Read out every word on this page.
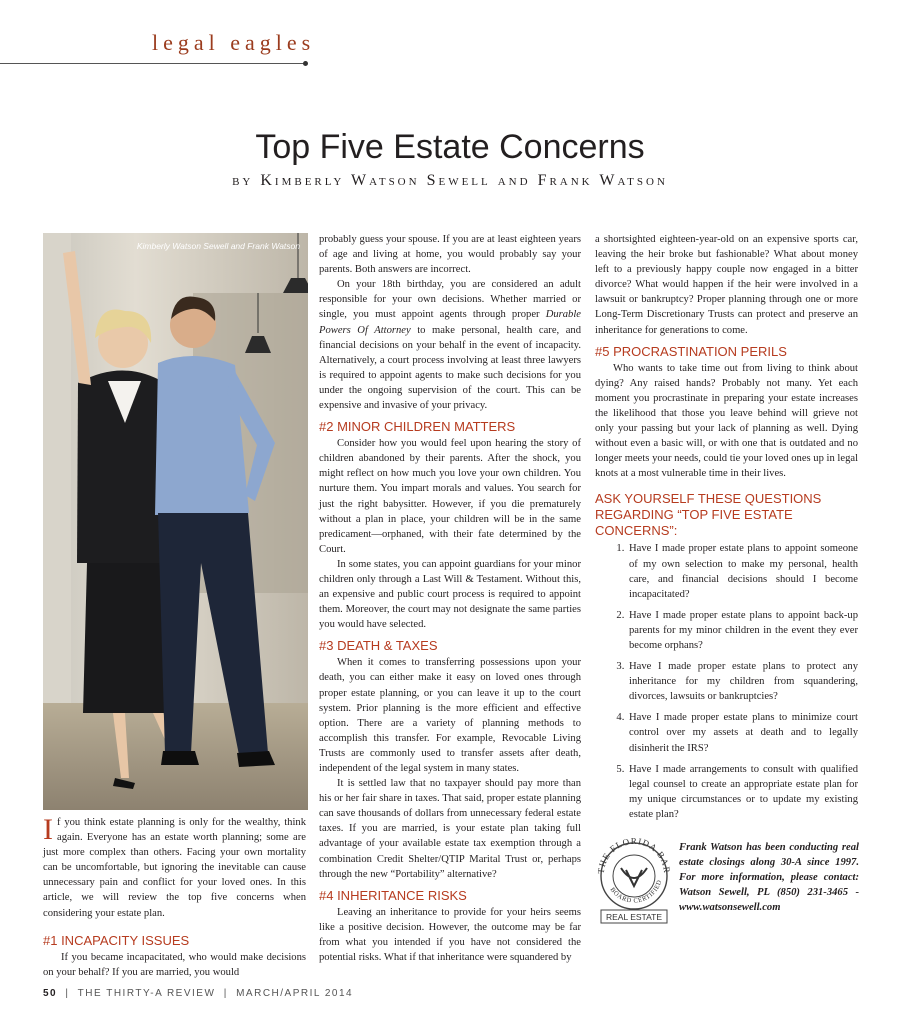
legal eagles
Top Five Estate Concerns
by Kimberly Watson Sewell and Frank Watson
Kimberly Watson Sewell and Frank Watson

If you think estate planning is only for the wealthy, think again. Everyone has an estate worth planning; some are just more complex than others. Facing your own mortality can be uncomfortable, but ignoring the inevitable can cause unnecessary pain and conflict for your loved ones. In this article, we will review the top five concerns when considering your estate plan.

#1 INCAPACITY ISSUES

If you became incapacitated, who would make decisions on your behalf? If you are married, you would

probably guess your spouse. If you are at least eighteen years of age and living at home, you would probably say your parents. Both answers are incorrect.

On your 18th birthday, you are considered an adult responsible for your own decisions. Whether married or single, you must appoint agents through proper Durable Powers Of Attorney to make personal, health care, and financial decisions on your behalf in the event of incapacity. Alternatively, a court process involving at least three lawyers is required to appoint agents to make such decisions for you under the ongoing supervision of the court. This can be expensive and invasive of your privacy.

#2 MINOR CHILDREN MATTERS

Consider how you would feel upon hearing the story of children abandoned by their parents. After the shock, you might reflect on how much you love your own children. You nurture them. You impart morals and values. You search for just the right babysitter. However, if you die prematurely without a plan in place, your children will be in the same predicament—orphaned, with their fate determined by the Court.

In some states, you can appoint guardians for your minor children only through a Last Will & Testament. Without this, an expensive and public court process is required to appoint them. Moreover, the court may not designate the same parties you would have selected.

#3 DEATH & TAXES

When it comes to transferring possessions upon your death, you can either make it easy on loved ones through proper estate planning, or you can leave it up to the court system. Prior planning is the more efficient and effective option. There are a variety of planning methods to accomplish this transfer. For example, Revocable Living Trusts are commonly used to transfer assets after death, independent of the legal system in many states.

It is settled law that no taxpayer should pay more than his or her fair share in taxes. That said, proper estate planning can save thousands of dollars from unnecessary federal estate taxes. If you are married, is your estate plan taking full advantage of your available estate tax exemption through a combination Credit Shelter/QTIP Marital Trust or, perhaps through the new “Portability” alternative?

#4 INHERITANCE RISKS

Leaving an inheritance to provide for your heirs seems like a positive decision. However, the outcome may be far from what you intended if you have not considered the potential risks. What if that inheritance were squandered by

a shortsighted eighteen-year-old on an expensive sports car, leaving the heir broke but fashionable? What about money left to a previously happy couple now engaged in a bitter divorce? What would happen if the heir were involved in a lawsuit or bankruptcy? Proper planning through one or more Long-Term Discretionary Trusts can protect and preserve an inheritance for generations to come.

#5 PROCRASTINATION PERILS

Who wants to take time out from living to think about dying? Any raised hands? Probably not many. Yet each moment you procrastinate in preparing your estate increases the likelihood that those you leave behind will grieve not only your passing but your lack of planning as well. Dying without even a basic will, or with one that is outdated and no longer meets your needs, could tie your loved ones up in legal knots at a most vulnerable time in their lives.

ASK YOURSELF THESE QUESTIONS REGARDING “TOP FIVE ESTATE CONCERNS”:
1. Have I made proper estate plans to appoint someone of my own selection to make my personal, health care, and financial decisions should I become incapacitated?
2. Have I made proper estate plans to appoint back-up parents for my minor children in the event they ever become orphans?
3. Have I made proper estate plans to protect any inheritance for my children from squandering, divorces, lawsuits or bankruptcies?
4. Have I made proper estate plans to minimize court control over my assets at death and to legally disinherit the IRS?
5. Have I made arrangements to consult with qualified legal counsel to create an appropriate estate plan for my unique circumstances or to update my existing estate plan?
THE FLORIDA BAR
BOARD CERTIFIED
REAL ESTATE
Frank Watson has been conducting real estate closings along 30-A since 1997. For more information, please contact: Watson Sewell, PL (850) 231-3465 - www.watsonsewell.com
50 | THE THIRTY-A REVIEW | MARCH/APRIL 2014
